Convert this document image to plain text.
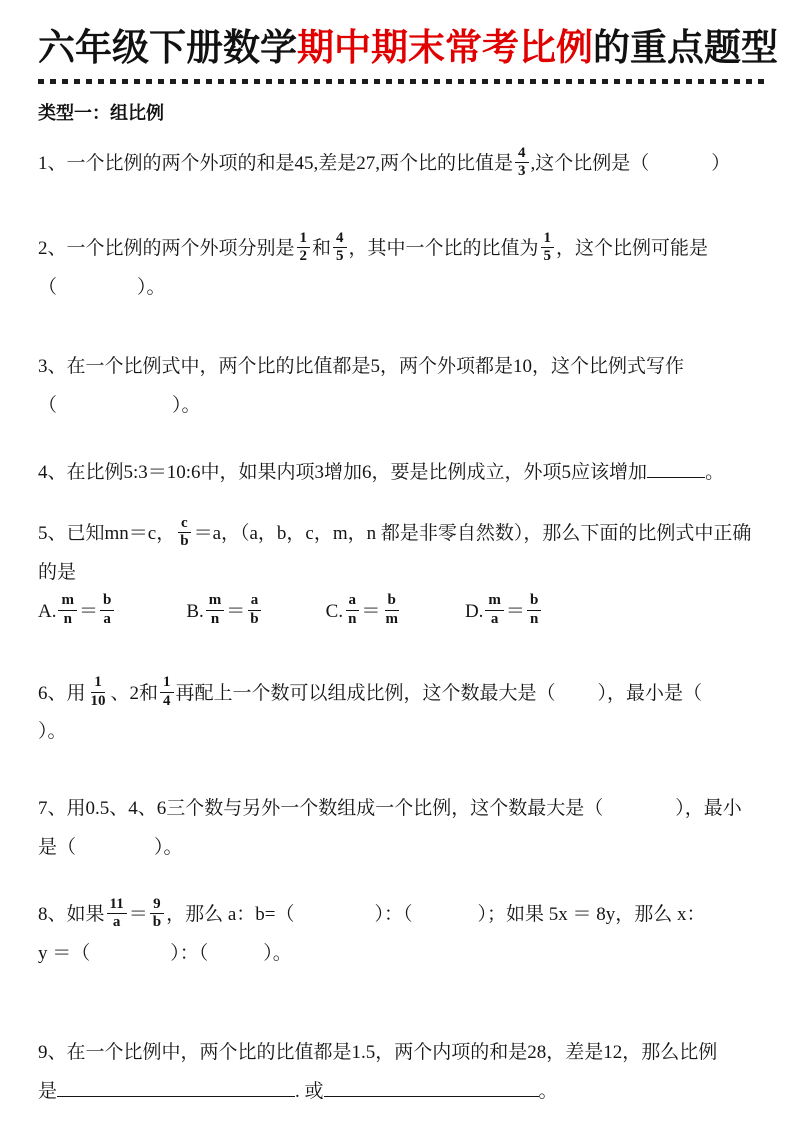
六年级下册数学期中期末常考比例的重点题型
类型一：组比例
1、一个比例的两个外项的和是45,差是27,两个比的比值是 $\frac{4}{3}$ ,这个比例是（	）
2、一个比例的两个外项分别是 $\frac{1}{2}$ 和 $\frac{4}{5}$ ，其中一个比的比值为 $\frac{1}{5}$ ，这个比例可能是
（	）。
3、在一个比例式中，两个比的比值都是5，两个外项都是10，这个比例式写作
（	）。
4、在比例5:3＝10:6中，如果内项3增加6，要是比例成立，外项5应该增加	。
5、已知mn＝c， $\frac{c}{b} =a$，（a，b，c，m，n 都是非零自然数），那么下面的比例式中正确的是
A. $\frac{m}{n} = \frac{b}{a}$	B. $\frac{m}{n} = \frac{a}{b}$	C. $\frac{a}{n} = \frac{b}{m}$	D. $\frac{m}{a} = \frac{b}{n}$
6、用 $\frac{1}{10}$ 、2和 $\frac{1}{4}$ 再配上一个数可以组成比例，这个数最大是（ ），最小是（）。
7、用0.5、4、6三个数与另外一个数组成一个比例，这个数最大是（	），最小
是（	）。
8、如果 $\frac{11}{a} = \frac{9}{b}$ ，那么 a：b=（	）：（	）；如果 5x ＝ 8y，那么 x：
y ＝（	）：（	）。
9、在一个比例中，两个比的比值都是1.5，两个内项的和是28，差是12，那么比例
是	. 或	。
